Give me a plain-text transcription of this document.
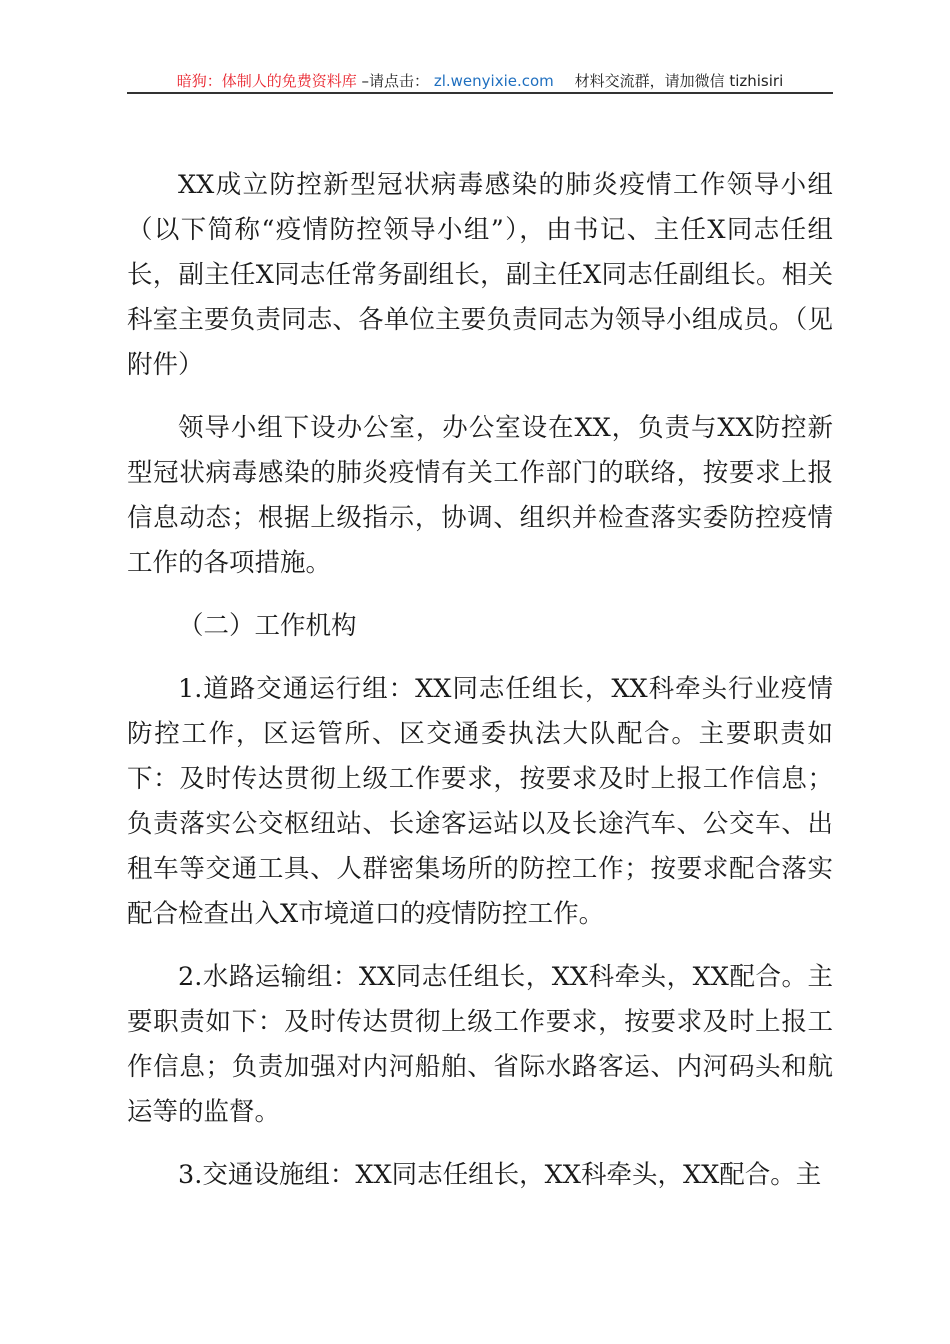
暗狗：体制人的免费资料库 –请点击： zl.wenyixie.com 材料交流群，请加微信 tizhisiri

XX成立防控新型冠状病毒感染的肺炎疫情工作领导小组（以下简称“疫情防控领导小组”），由书记、主任X同志任组长，副主任X同志任常务副组长，副主任X同志任副组长。相关科室主要负责同志、各单位主要负责同志为领导小组成员。（见附件）

领导小组下设办公室，办公室设在XX，负责与XX防控新型冠状病毒感染的肺炎疫情有关工作部门的联络，按要求上报信息动态；根据上级指示，协调、组织并检查落实委防控疫情工作的各项措施。

（二）工作机构

1.道路交通运行组：XX同志任组长，XX科牵头行业疫情防控工作，区运管所、区交通委执法大队配合。主要职责如下：及时传达贯彻上级工作要求，按要求及时上报工作信息；负责落实公交枢纽站、长途客运站以及长途汽车、公交车、出租车等交通工具、人群密集场所的防控工作；按要求配合落实配合检查出入X市境道口的疫情防控工作。

2.水路运输组：XX同志任组长，XX科牵头，XX配合。主要职责如下：及时传达贯彻上级工作要求，按要求及时上报工作信息；负责加强对内河船舶、省际水路客运、内河码头和航运等的监督。

3.交通设施组：XX同志任组长，XX科牵头，XX配合。主
